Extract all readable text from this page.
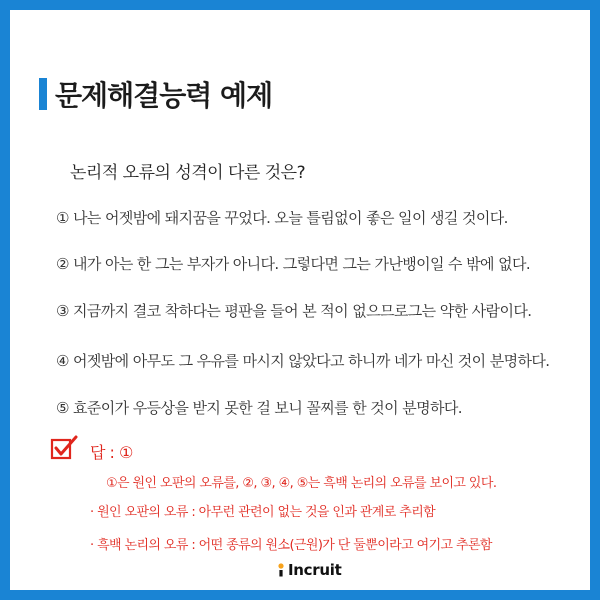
문제해결능력 예제
논리적 오류의 성격이 다른 것은?
① 나는 어젯밤에 돼지꿈을 꾸었다. 오늘 틀림없이 좋은 일이 생길 것이다.
② 내가 아는 한 그는 부자가 아니다. 그렇다면 그는 가난뱅이일 수 밖에 없다.
③ 지금까지 결코 착하다는 평판을 들어 본 적이 없으므로그는 약한 사람이다.
④ 어젯밤에 아무도 그 우유를 마시지 않았다고 하니까 네가 마신 것이 분명하다.
⑤ 효준이가 우등상을 받지 못한 걸 보니 꼴찌를 한 것이 분명하다.
답 : ①
①은 원인 오판의 오류를, ②, ③, ④, ⑤는 흑백 논리의 오류를 보이고 있다.
· 원인 오판의 오류 : 아무런 관련이 없는 것을 인과 관계로 추리함
· 흑백 논리의 오류 : 어떤 종류의 원소(근원)가 단 둘뿐이라고 여기고 추론함
Incruit
